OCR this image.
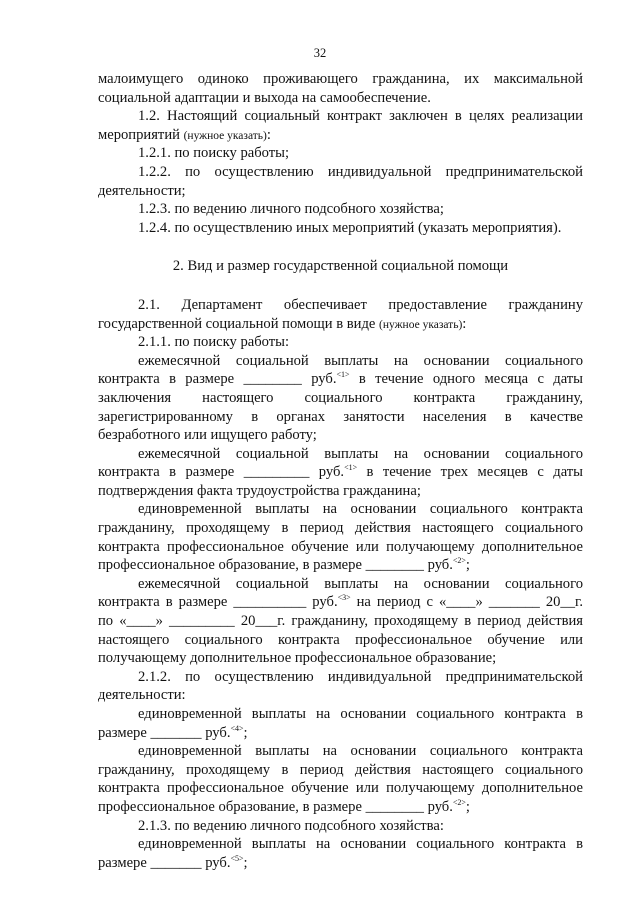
32
малоимущего одиноко проживающего гражданина, их максимальной
социальной адаптации и выхода на самообеспечение.
1.2. Настоящий социальный контракт заключен в целях реализации
мероприятий (нужное указать):
1.2.1. по поиску работы;
1.2.2. по осуществлению индивидуальной предпринимательской
деятельности;
1.2.3. по ведению личного подсобного хозяйства;
1.2.4. по осуществлению иных мероприятий (указать мероприятия).
2. Вид и размер государственной социальной помощи
2.1. Департамент обеспечивает предоставление гражданину
государственной социальной помощи в виде (нужное указать):
2.1.1. по поиску работы:
ежемесячной социальной выплаты на основании социального
контракта в размере ________ руб.$^{<1>}$ в течение одного месяца с даты
заключения настоящего социального контракта гражданину,
зарегистрированному в органах занятости населения в качестве
безработного или ищущего работу;
ежемесячной социальной выплаты на основании социального
контракта в размере _________ руб.$^{<1>}$ в течение трех месяцев с даты
подтверждения факта трудоустройства гражданина;
единовременной выплаты на основании социального контракта
гражданину, проходящему в период действия настоящего социального
контракта профессиональное обучение или получающему дополнительное
профессиональное образование, в размере ________ руб.$^{<2>}$;
ежемесячной социальной выплаты на основании социального
контракта в размере __________ руб.$^{<3>}$ на период с «____» _______ 20__г.
по «____» _________ 20___г. гражданину, проходящему в период действия
настоящего социального контракта профессиональное обучение или
получающему дополнительное профессиональное образование;
2.1.2. по осуществлению индивидуальной предпринимательской
деятельности:
единовременной выплаты на основании социального контракта в
размере _______ руб.$^{<4>}$;
единовременной выплаты на основании социального контракта
гражданину, проходящему в период действия настоящего социального
контракта профессиональное обучение или получающему дополнительное
профессиональное образование, в размере ________ руб.$^{<2>}$;
2.1.3. по ведению личного подсобного хозяйства:
единовременной выплаты на основании социального контракта в
размере _______ руб.$^{<5>}$;
